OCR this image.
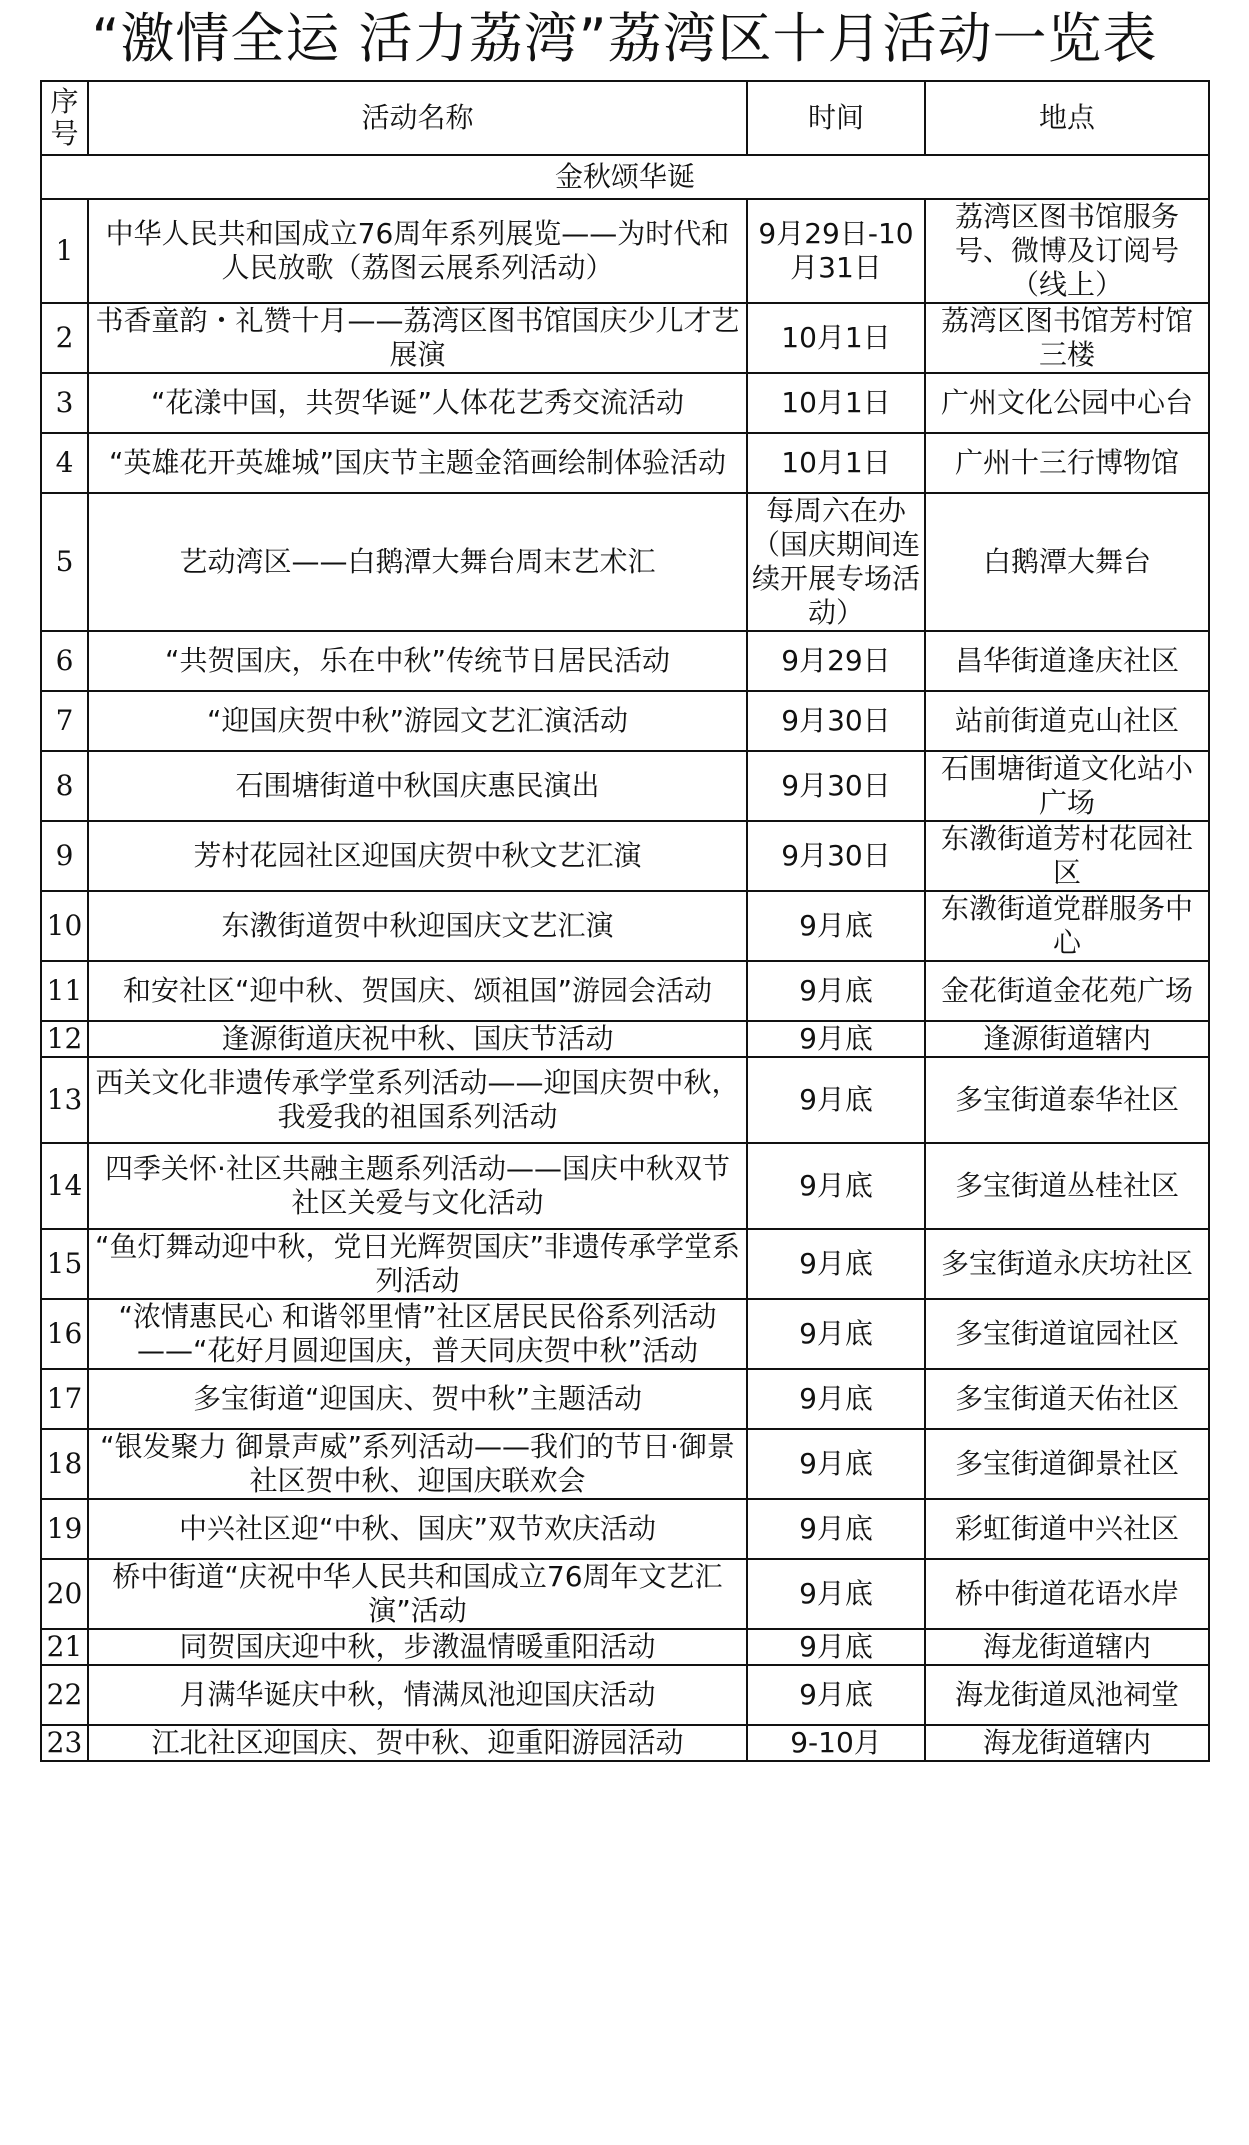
“激情全运 活力荔湾”荔湾区十月活动一览表
序号	活动名称	时间	地点
金秋颂华诞			
1	中华人民共和国成立76周年系列展览——为时代和人民放歌（荔图云展系列活动）	9月29日-10月31日	荔湾区图书馆服务号、微博及订阅号（线上）
2	书香童韵・礼赞十月——荔湾区图书馆国庆少儿才艺展演	10月1日	荔湾区图书馆芳村馆三楼
3	“花漾中国，共贺华诞”人体花艺秀交流活动	10月1日	广州文化公园中心台
4	“英雄花开英雄城”国庆节主题金箔画绘制体验活动	10月1日	广州十三行博物馆
5	艺动湾区——白鹅潭大舞台周末艺术汇	每周六在办（国庆期间连续开展专场活动）	白鹅潭大舞台
6	“共贺国庆，乐在中秋”传统节日居民活动	9月29日	昌华街道逢庆社区
7	“迎国庆贺中秋”游园文艺汇演活动	9月30日	站前街道克山社区
8	石围塘街道中秋国庆惠民演出	9月30日	石围塘街道文化站小广场
9	芳村花园社区迎国庆贺中秋文艺汇演	9月30日	东漖街道芳村花园社区
10	东漖街道贺中秋迎国庆文艺汇演	9月底	东漖街道党群服务中心
11	和安社区“迎中秋、贺国庆、颂祖国”游园会活动	9月底	金花街道金花苑广场
12	逢源街道庆祝中秋、国庆节活动	9月底	逢源街道辖内
13	西关文化非遗传承学堂系列活动——迎国庆贺中秋，我爱我的祖国系列活动	9月底	多宝街道泰华社区
14	四季关怀·社区共融主题系列活动——国庆中秋双节社区关爱与文化活动	9月底	多宝街道丛桂社区
15	“鱼灯舞动迎中秋，党日光辉贺国庆”非遗传承学堂系列活动	9月底	多宝街道永庆坊社区
16	“浓情惠民心 和谐邻里情”社区居民民俗系列活动——“花好月圆迎国庆，普天同庆贺中秋”活动	9月底	多宝街道谊园社区
17	多宝街道“迎国庆、贺中秋”主题活动	9月底	多宝街道天佑社区
18	“银发聚力 御景声威”系列活动——我们的节日·御景社区贺中秋、迎国庆联欢会	9月底	多宝街道御景社区
19	中兴社区迎“中秋、国庆”双节欢庆活动	9月底	彩虹街道中兴社区
20	桥中街道“庆祝中华人民共和国成立76周年文艺汇演”活动	9月底	桥中街道花语水岸
21	同贺国庆迎中秋，步漖温情暖重阳活动	9月底	海龙街道辖内
22	月满华诞庆中秋，情满凤池迎国庆活动	9月底	海龙街道凤池祠堂
23	江北社区迎国庆、贺中秋、迎重阳游园活动	9-10月	海龙街道辖内
